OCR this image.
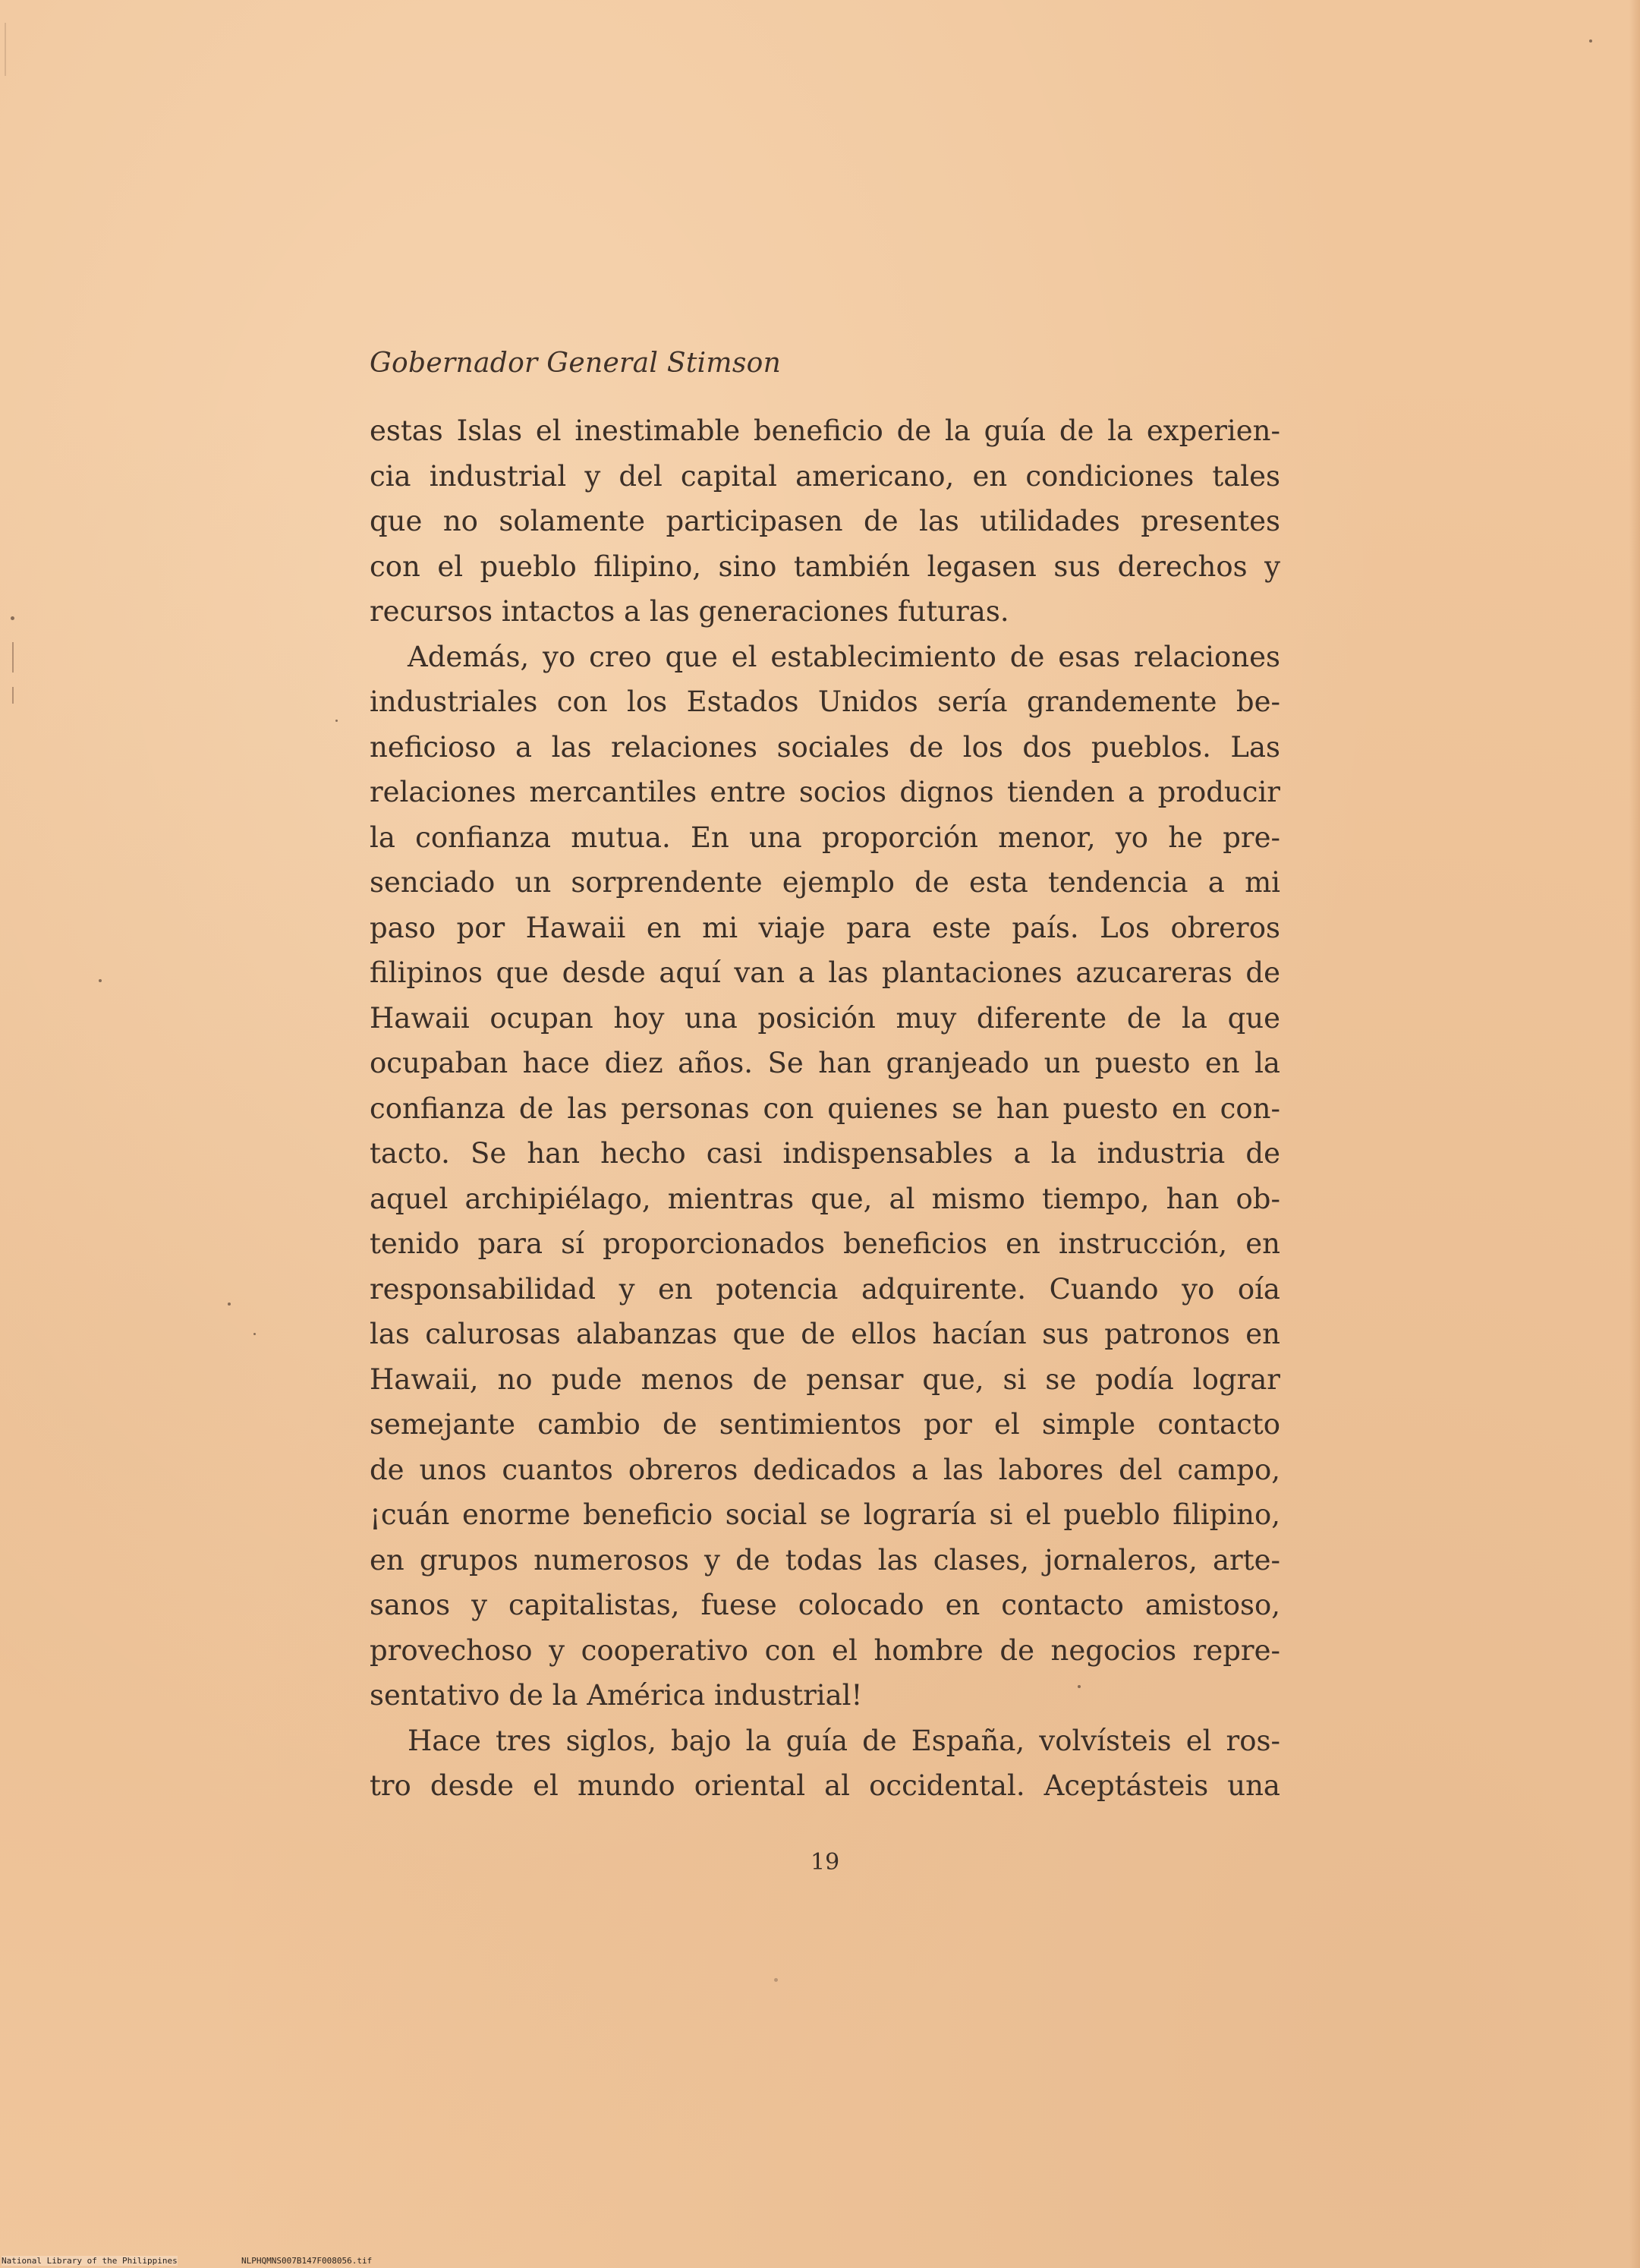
Gobernador General Stimson
estas Islas el inestimable beneficio de la guía de la experien-
cia industrial y del capital americano, en condiciones tales
que no solamente participasen de las utilidades presentes
con el pueblo filipino, sino también legasen sus derechos y
recursos intactos a las generaciones futuras.
Además, yo creo que el establecimiento de esas relaciones
industriales con los Estados Unidos sería grandemente be-
neficioso a las relaciones sociales de los dos pueblos. Las
relaciones mercantiles entre socios dignos tienden a producir
la confianza mutua. En una proporción menor, yo he pre-
senciado un sorprendente ejemplo de esta tendencia a mi
paso por Hawaii en mi viaje para este país. Los obreros
filipinos que desde aquí van a las plantaciones azucareras de
Hawaii ocupan hoy una posición muy diferente de la que
ocupaban hace diez años. Se han granjeado un puesto en la
confianza de las personas con quienes se han puesto en con-
tacto. Se han hecho casi indispensables a la industria de
aquel archipiélago, mientras que, al mismo tiempo, han ob-
tenido para sí proporcionados beneficios en instrucción, en
responsabilidad y en potencia adquirente. Cuando yo oía
las calurosas alabanzas que de ellos hacían sus patronos en
Hawaii, no pude menos de pensar que, si se podía lograr
semejante cambio de sentimientos por el simple contacto
de unos cuantos obreros dedicados a las labores del campo,
¡cuán enorme beneficio social se lograría si el pueblo filipino,
en grupos numerosos y de todas las clases, jornaleros, arte-
sanos y capitalistas, fuese colocado en contacto amistoso,
provechoso y cooperativo con el hombre de negocios repre-
sentativo de la América industrial!
Hace tres siglos, bajo la guía de España, volvísteis el ros-
tro desde el mundo oriental al occidental. Aceptásteis una
19
National Library of the Philippines	NLPHQMNS007B147F008056.tif
